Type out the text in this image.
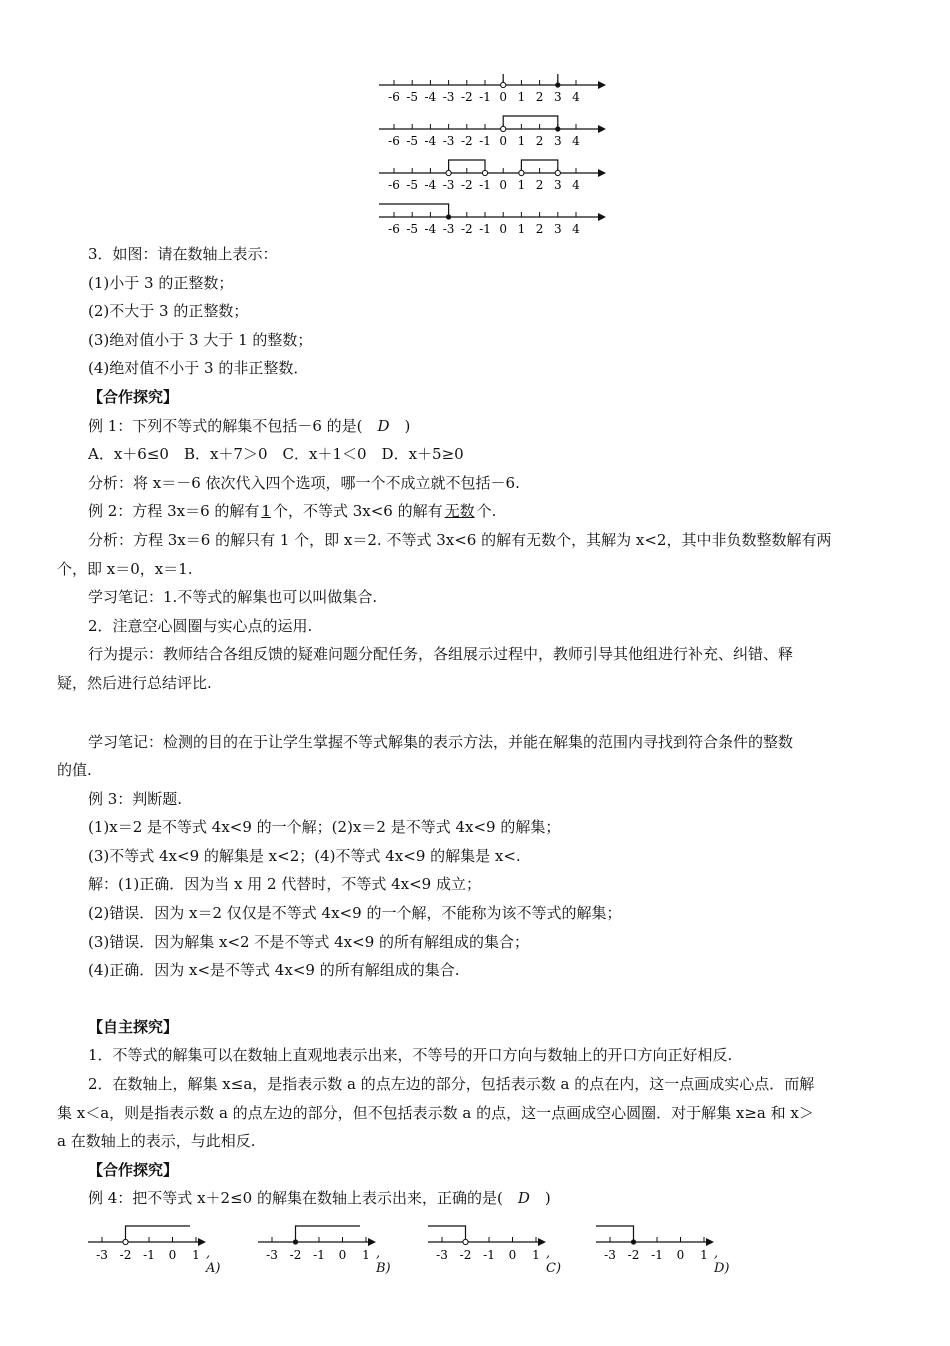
-6 -5 -4 -3 -2 -1 0 1 2 3 4
-6 -5 -4 -3 -2 -1 0 1 2 3 4
-6 -5 -4 -3 -2 -1 0 1 2 3 4
-6 -5 -4 -3 -2 -1 0 1 2 3 4

3．如图：请在数轴上表示：

(1)小于 3 的正整数；

(2)不大于 3 的正整数；

(3)绝对值小于 3 大于 1 的整数；

(4)绝对值不小于 3 的非正整数．

【合作探究】

例 1：下列不等式的解集不包括－6 的是(　 D　 )

A．x＋6≤0　B．x＋7＞0　C．x＋1＜0　D．x＋5≥0

分析：将 x＝－6 依次代入四个选项，哪一个不成立就不包括－6.

例 2：方程 3x＝6 的解有 1 个，不等式 3x<6 的解有 无数 个.

分析：方程 3x＝6 的解只有 1 个，即 x＝2. 不等式 3x<6 的解有无数个，其解为 x<2，其中非负数整数解有两

个，即 x＝0，x＝1.

学习笔记：1.不等式的解集也可以叫做集合.

2．注意空心圆圈与实心点的运用.

行为提示：教师结合各组反馈的疑难问题分配任务，各组展示过程中，教师引导其他组进行补充、纠错、释

疑，然后进行总结评比.

学习笔记：检测的目的在于让学生掌握不等式解集的表示方法，并能在解集的范围内寻找到符合条件的整数

的值.

例 3：判断题.

(1)x＝2 是不等式 4x<9 的一个解；(2)x＝2 是不等式 4x<9 的解集；

(3)不等式 4x<9 的解集是 x<2；(4)不等式 4x<9 的解集是 x<.

解：(1)正确．因为当 x 用 2 代替时，不等式 4x<9 成立；

(2)错误．因为 x＝2 仅仅是不等式 4x<9 的一个解，不能称为该不等式的解集；

(3)错误．因为解集 x<2 不是不等式 4x<9 的所有解组成的集合；

(4)正确．因为 x<是不等式 4x<9 的所有解组成的集合.

【自主探究】

1．不等式的解集可以在数轴上直观地表示出来，不等号的开口方向与数轴上的开口方向正好相反.

2．在数轴上，解集 x≤a，是指表示数 a 的点左边的部分，包括表示数 a 的点在内，这一点画成实心点．而解

集 x＜a，则是指表示数 a 的点左边的部分，但不包括表示数 a 的点，这一点画成空心圆圈．对于解集 x≥a 和 x＞

a 在数轴上的表示，与此相反.

【合作探究】

例 4：把不等式 x＋2≤0 的解集在数轴上表示出来，正确的是(　 D　 )

-3 -2 -1 0 1 , A)
-3 -2 -1 0 1 , B)
-3 -2 -1 0 1 , C)
-3 -2 -1 0 1 , D)
